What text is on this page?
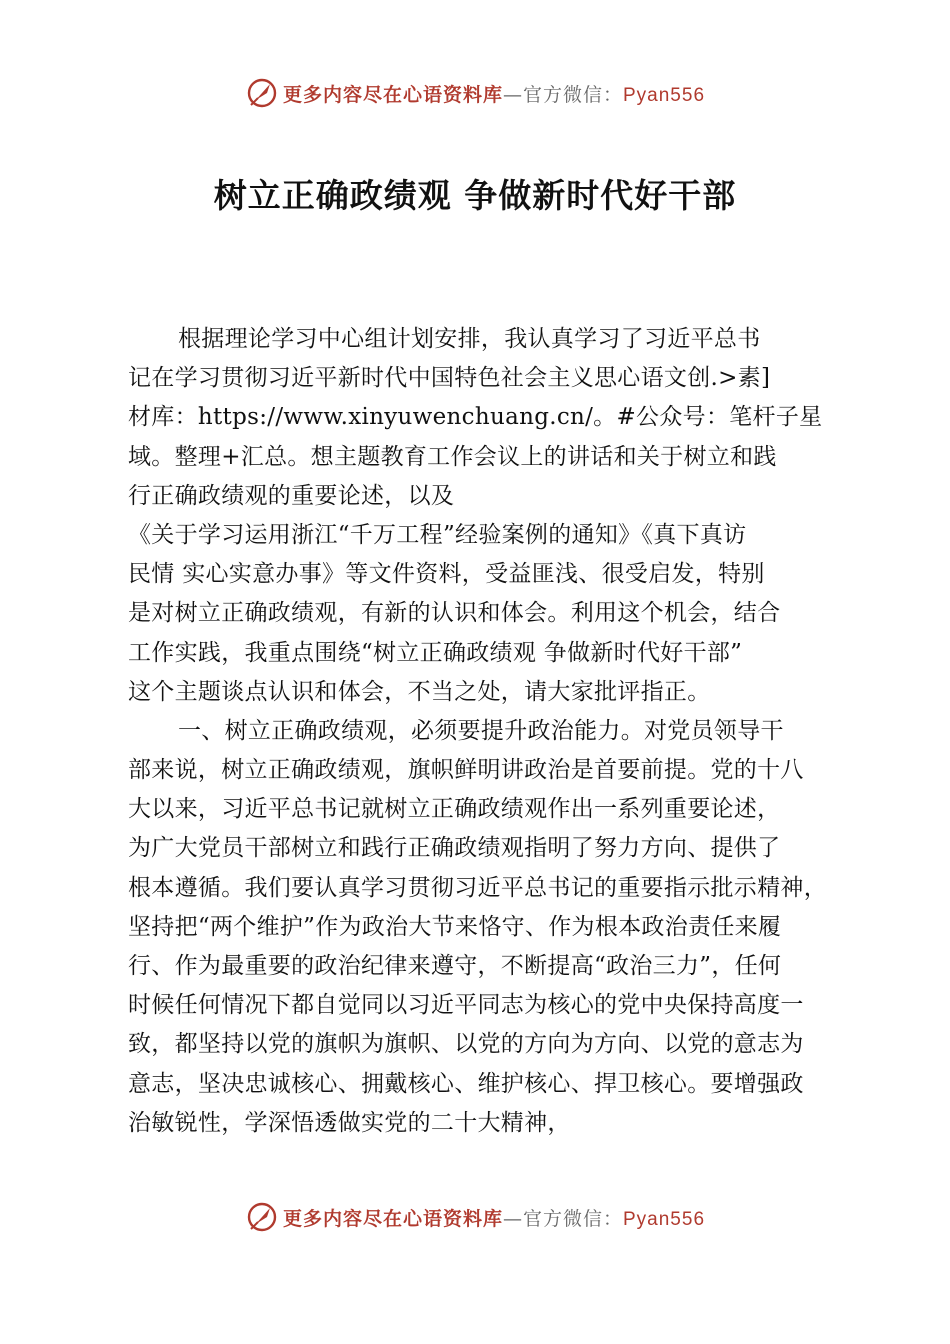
更多内容尽在心语资料库—官方微信：Pyan556
树立正确政绩观 争做新时代好干部
根据理论学习中心组计划安排，我认真学习了习近平总书
记在学习贯彻习近平新时代中国特色社会主义思心语文创.>素]
材库：https://www.xinyuwenchuang.cn/。#公众号：笔杆子星
域。整理+汇总。想主题教育工作会议上的讲话和关于树立和践
行正确政绩观的重要论述，以及
《关于学习运用浙江“千万工程”经验案例的通知》《真下真访
民情 实心实意办事》等文件资料，受益匪浅、很受启发，特别
是对树立正确政绩观，有新的认识和体会。利用这个机会，结合
工作实践，我重点围绕“树立正确政绩观 争做新时代好干部”
这个主题谈点认识和体会，不当之处，请大家批评指正。
一、树立正确政绩观，必须要提升政治能力。对党员领导干
部来说，树立正确政绩观，旗帜鲜明讲政治是首要前提。党的十八
大以来，习近平总书记就树立正确政绩观作出一系列重要论述，
为广大党员干部树立和践行正确政绩观指明了努力方向、提供了
根本遵循。我们要认真学习贯彻习近平总书记的重要指示批示精神，
坚持把“两个维护”作为政治大节来恪守、作为根本政治责任来履
行、作为最重要的政治纪律来遵守，不断提高“政治三力”，任何
时候任何情况下都自觉同以习近平同志为核心的党中央保持高度一
致，都坚持以党的旗帜为旗帜、以党的方向为方向、以党的意志为
意志，坚决忠诚核心、拥戴核心、维护核心、捍卫核心。要增强政
治敏锐性，学深悟透做实党的二十大精神，
更多内容尽在心语资料库—官方微信：Pyan556
